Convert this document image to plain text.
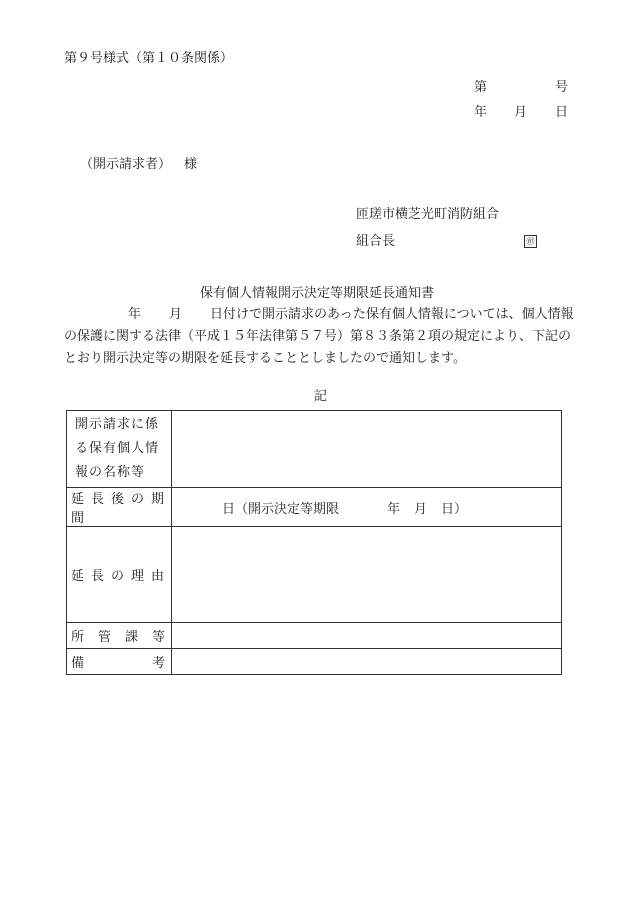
第９号様式（第１０条関係）
第	号
年 月 日
（開示請求者） 様
匝瑳市横芝光町消防組合
組合長	㊞
保有個人情報開示決定等期限延長通知書

年 月 日付けで開示請求のあった保有個人情報については、個人情報

の保護に関する法律（平成１５年法律第５７号）第８３条第２項の規定により、下記の

とおり開示決定等の期限を延長することとしましたので通知します。

記
開示請求に係
る保有個人情
報の名称等	

延長後の期間	日（開示決定等期限 年 月 日）
延長の理由	

所 管 課 等	

備 考	
